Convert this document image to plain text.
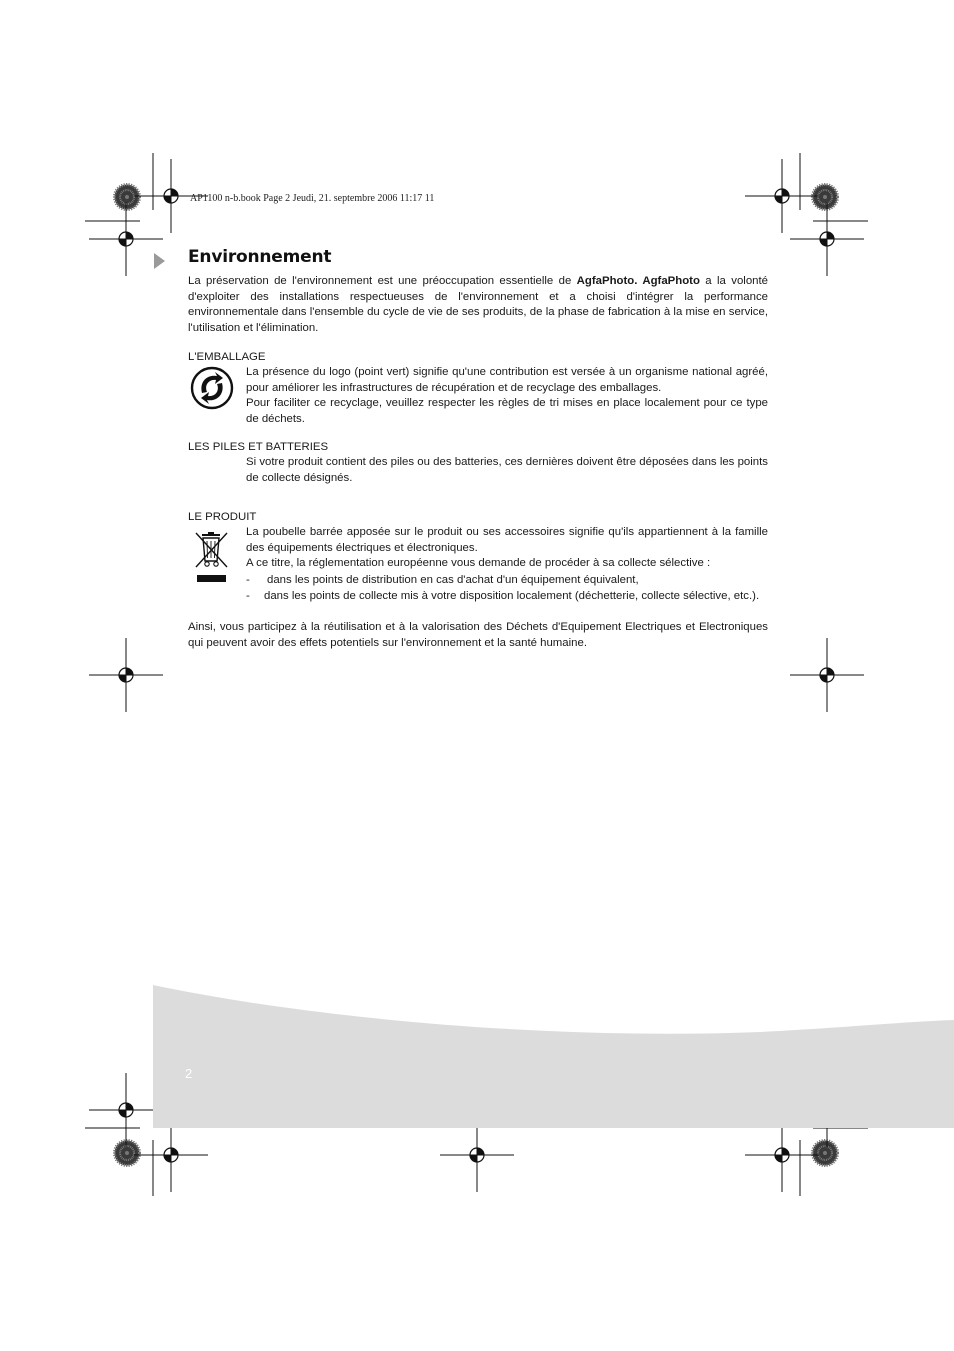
AP1100 n-b.book Page 2 Jeudi, 21. septembre 2006 11:17 11
Environnement
La préservation de l'environnement est une préoccupation essentielle de AgfaPhoto. AgfaPhoto a la volonté d'exploiter des installations respectueuses de l'environnement et a choisi d'intégrer la performance environnementale dans l'ensemble du cycle de vie de ses produits, de la phase de fabrication à la mise en service, l'utilisation et l'élimination.
L'EMBALLAGE

La présence du logo (point vert) signifie qu'une contribution est versée à un organisme national agréé, pour améliorer les infrastructures de récupération et de recyclage des emballages.

Pour faciliter ce recyclage, veuillez respecter les règles de tri mises en place localement pour ce type de déchets.

LES PILES ET BATTERIES
Si votre produit contient des piles ou des batteries, ces dernières doivent être déposées dans les points de collecte désignés.
LE PRODUIT

La poubelle barrée apposée sur le produit ou ses accessoires signifie qu'ils appartiennent à la famille des équipements électriques et électroniques.

A ce titre, la réglementation européenne vous demande de procéder à sa collecte sélective :

- dans les points de distribution en cas d'achat d'un équipement équivalent,
- dans les points de collecte mis à votre disposition localement (déchetterie, collecte sélective, etc.).
Ainsi, vous participez à la réutilisation et à la valorisation des Déchets d'Equipement Electriques et Electroniques qui peuvent avoir des effets potentiels sur l'environnement et la santé humaine.
2
